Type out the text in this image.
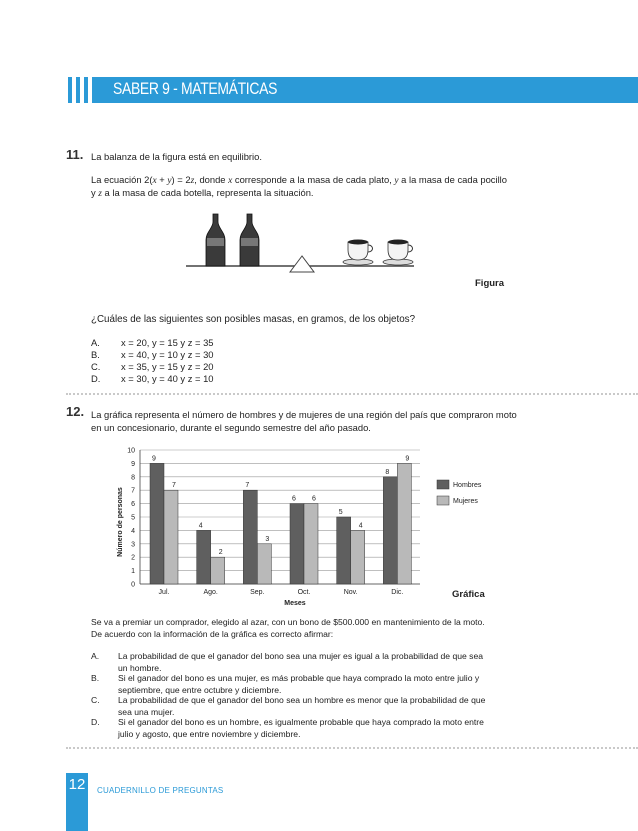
SABER 9 - MATEMÁTICAS
11. La balanza de la figura está en equilibrio.
La ecuación 2(x + y) = 2z, donde x corresponde a la masa de cada plato, y a la masa de cada pocillo
y z a la masa de cada botella, representa la situación.
Figura
¿Cuáles de las siguientes son posibles masas, en gramos, de los objetos?
A. x = 20, y = 15 y z = 35
B. x = 40, y = 10 y z = 30
C. x = 35, y = 15 y z = 20
D. x = 30, y = 40 y z = 10
12. La gráfica representa el número de hombres y de mujeres de una región del país que compraron moto
en un concesionario, durante el segundo semestre del año pasado.
0
1
2
3
4
5
6
7
8
9
10
9
7
Jul.
4
2
Ago.
7
3
Sep.
6 6
Oct.
5
4
Nov.
8
9
Dic.
Meses
Número de personas
Hombres
Mujeres
Gráfica
Se va a premiar un comprador, elegido al azar, con un bono de $500.000 en mantenimiento de la moto.
De acuerdo con la información de la gráfica es correcto afirmar:
A. La probabilidad de que el ganador del bono sea una mujer es igual a la probabilidad de que sea
un hombre.
B. Si el ganador del bono es una mujer, es más probable que haya comprado la moto entre julio y
septiembre, que entre octubre y diciembre.
C. La probabilidad de que el ganador del bono sea un hombre es menor que la probabilidad de que
sea una mujer.
D. Si el ganador del bono es un hombre, es igualmente probable que haya comprado la moto entre
julio y agosto, que entre noviembre y diciembre.
12	CUADERNILLO DE PREGUNTAS
